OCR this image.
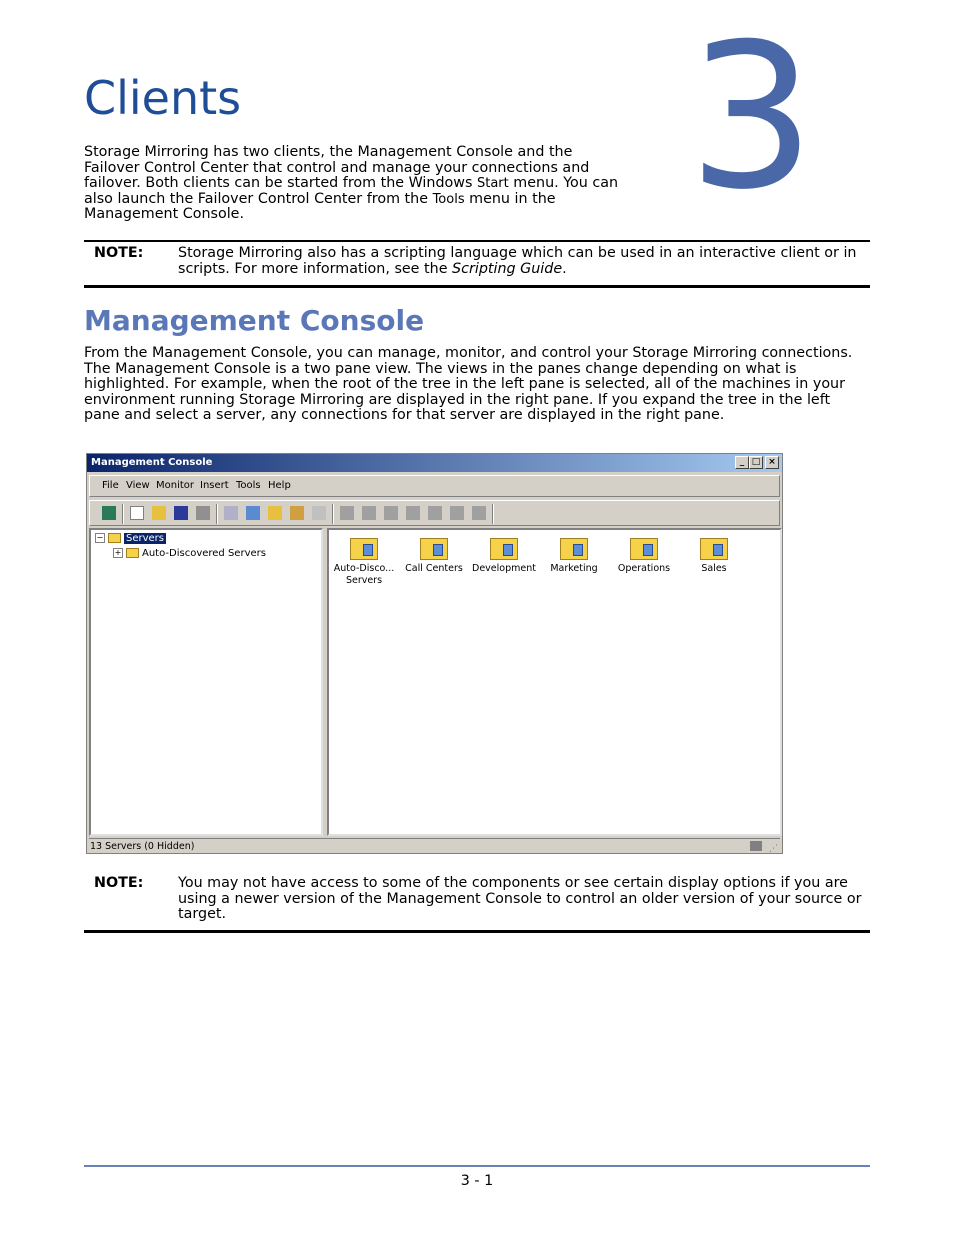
Clients 3

Storage Mirroring has two clients, the Management Console and the Failover Control Center that control and manage your connections and failover. Both clients can be started from the Windows Start menu. You can also launch the Failover Control Center from the Tools menu in the Management Console.

NOTE: Storage Mirroring also has a scripting language which can be used in an interactive client or in scripts. For more information, see the Scripting Guide.
Management Console

From the Management Console, you can manage, monitor, and control your Storage Mirroring connections. The Management Console is a two pane view. The views in the panes change depending on what is highlighted. For example, when the root of the tree in the left pane is selected, all of the machines in your environment running Storage Mirroring are displayed in the right pane. If you expand the tree in the left pane and select a server, any connections for that server are displayed in the right pane.

Management Console	_ □ ×
File View Monitor Insert Tools Help
− Servers
+ Auto-Discovered Servers
Auto-Disco... Servers
Call Centers Development	Marketing	Operations	Sales
13 Servers (0 Hidden)	⋰
NOTE: You may not have access to some of the components or see certain display options if you are using a newer version of the Management Console to control an older version of your source or target.
3 - 1
